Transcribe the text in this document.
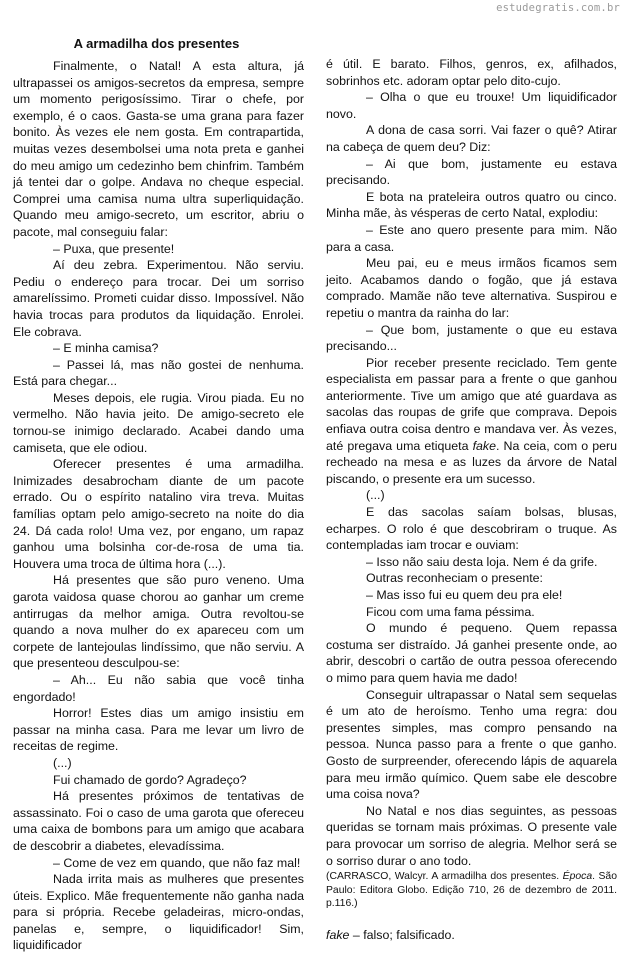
estudegratis.com.br
A armadilha dos presentes

Finalmente, o Natal! A esta altura, já ultrapassei os amigos-secretos da empresa, sempre um momento perigosíssimo. Tirar o chefe, por exemplo, é o caos. Gasta-se uma grana para fazer bonito. Às vezes ele nem gosta. Em contrapartida, muitas vezes desembolsei uma nota preta e ganhei do meu amigo um cedezinho bem chinfrim. Também já tentei dar o golpe. Andava no cheque especial. Comprei uma camisa numa ultra superliquidação. Quando meu amigo-secreto, um escritor, abriu o pacote, mal conseguiu falar:

– Puxa, que presente!

Aí deu zebra. Experimentou. Não serviu. Pediu o endereço para trocar. Dei um sorriso amarelíssimo. Prometi cuidar disso. Impossível. Não havia trocas para produtos da liquidação. Enrolei. Ele cobrava.

– E minha camisa?

– Passei lá, mas não gostei de nenhuma. Está para chegar...

Meses depois, ele rugia. Virou piada. Eu no vermelho. Não havia jeito. De amigo-secreto ele tornou-se inimigo declarado. Acabei dando uma camiseta, que ele odiou.

Oferecer presentes é uma armadilha. Inimizades desabrocham diante de um pacote errado. Ou o espírito natalino vira treva. Muitas famílias optam pelo amigo-secreto na noite do dia 24. Dá cada rolo! Uma vez, por engano, um rapaz ganhou uma bolsinha cor-de-rosa de uma tia. Houvera uma troca de última hora (...).

Há presentes que são puro veneno. Uma garota vaidosa quase chorou ao ganhar um creme antirrugas da melhor amiga. Outra revoltou-se quando a nova mulher do ex apareceu com um corpete de lantejoulas lindíssimo, que não serviu. A que presenteou desculpou-se:

– Ah... Eu não sabia que você tinha engordado!

Horror! Estes dias um amigo insistiu em passar na minha casa. Para me levar um livro de receitas de regime.

(...)

Fui chamado de gordo? Agradeço?

Há presentes próximos de tentativas de assassinato. Foi o caso de uma garota que ofereceu uma caixa de bombons para um amigo que acabara de descobrir a diabetes, elevadíssima.

– Come de vez em quando, que não faz mal!

Nada irrita mais as mulheres que presentes úteis. Explico. Mãe frequentemente não ganha nada para si própria. Recebe geladeiras, micro-ondas, panelas e, sempre, o liquidificador! Sim, liquidificador

é útil. E barato. Filhos, genros, ex, afilhados, sobrinhos etc. adoram optar pelo dito-cujo.

– Olha o que eu trouxe! Um liquidificador novo.

A dona de casa sorri. Vai fazer o quê? Atirar na cabeça de quem deu? Diz:

– Ai que bom, justamente eu estava precisando.

E bota na prateleira outros quatro ou cinco. Minha mãe, às vésperas de certo Natal, explodiu:

– Este ano quero presente para mim. Não para a casa.

Meu pai, eu e meus irmãos ficamos sem jeito. Acabamos dando o fogão, que já estava comprado. Mamãe não teve alternativa. Suspirou e repetiu o mantra da rainha do lar:

– Que bom, justamente o que eu estava precisando...

Pior receber presente reciclado. Tem gente especialista em passar para a frente o que ganhou anteriormente. Tive um amigo que até guardava as sacolas das roupas de grife que comprava. Depois enfiava outra coisa dentro e mandava ver. Às vezes, até pregava uma etiqueta fake. Na ceia, com o peru recheado na mesa e as luzes da árvore de Natal piscando, o presente era um sucesso.

(...)

E das sacolas saíam bolsas, blusas, echarpes. O rolo é que descobriram o truque. As contempladas iam trocar e ouviam:

– Isso não saiu desta loja. Nem é da grife.

Outras reconheciam o presente:

– Mas isso fui eu quem deu pra ele!

Ficou com uma fama péssima.

O mundo é pequeno. Quem repassa costuma ser distraído. Já ganhei presente onde, ao abrir, descobri o cartão de outra pessoa oferecendo o mimo para quem havia me dado!

Conseguir ultrapassar o Natal sem sequelas é um ato de heroísmo. Tenho uma regra: dou presentes simples, mas compro pensando na pessoa. Nunca passo para a frente o que ganho. Gosto de surpreender, oferecendo lápis de aquarela para meu irmão químico. Quem sabe ele descobre uma coisa nova?

No Natal e nos dias seguintes, as pessoas queridas se tornam mais próximas. O presente vale para provocar um sorriso de alegria. Melhor será se o sorriso durar o ano todo.

(CARRASCO, Walcyr. A armadilha dos presentes. Época. São Paulo: Editora Globo. Edição 710, 26 de dezembro de 2011. p.116.)

fake – falso; falsificado.
